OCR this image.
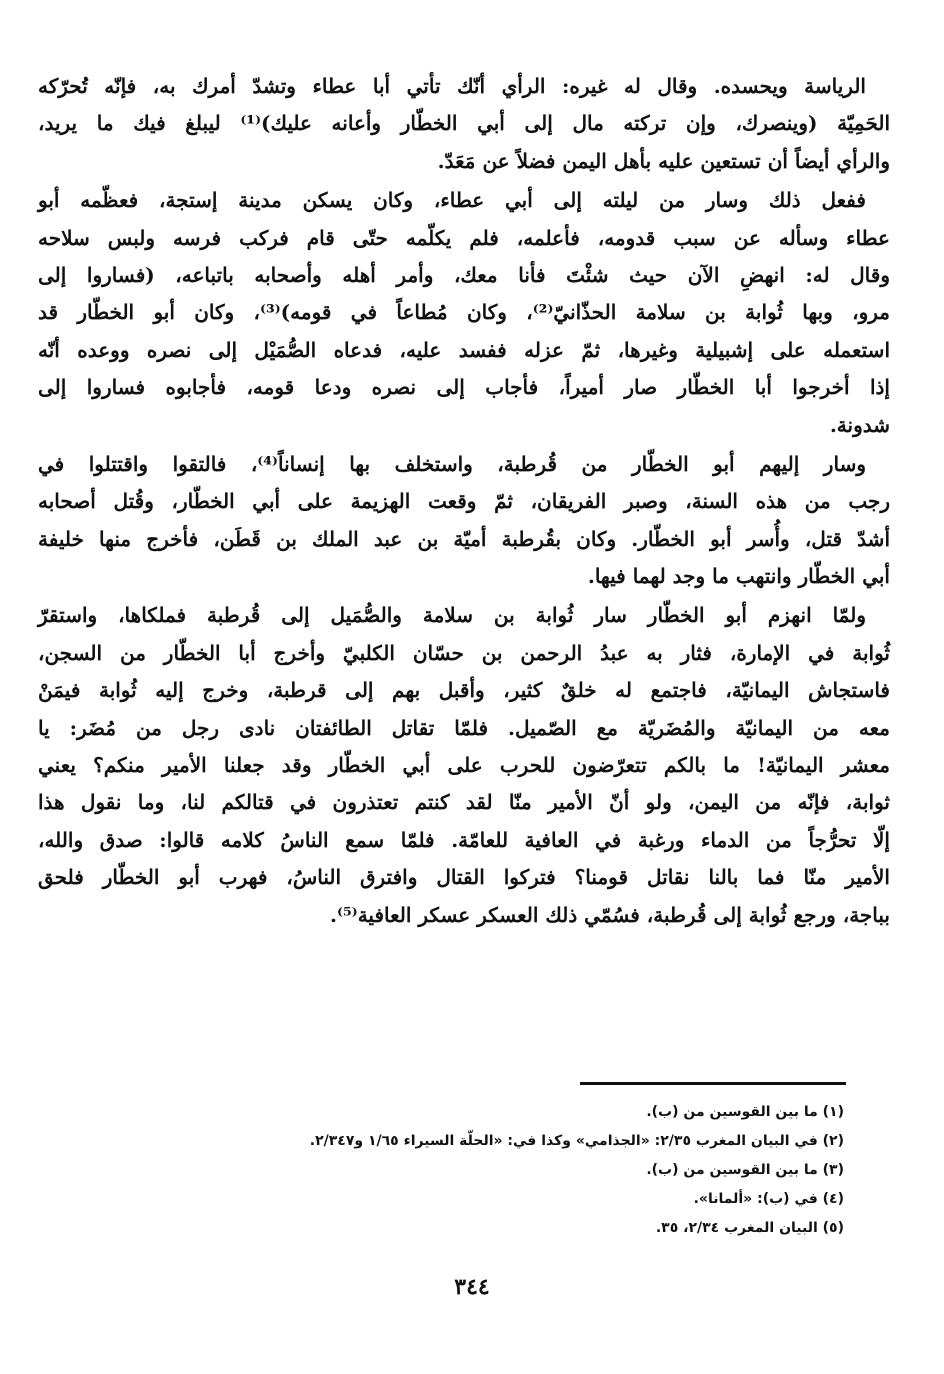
الرياسة ويحسده. وقال له غيره: الرأي أنّك تأتي أبا عطاء وتشدّ أمرك به، فإنّه تُحرّكه
الحَمِيّة (وينصرك، وإن تركته مال إلى أبي الخطّار وأعانه عليك)⁽¹⁾ ليبلغ فيك ما يريد،
والرأي أيضاً أن تستعين عليه بأهل اليمن فضلاً عن مَعَدّ.
ففعل ذلك وسار من ليلته إلى أبي عطاء، وكان يسكن مدينة إستجة، فعظّمه أبو
عطاء وسأله عن سبب قدومه، فأعلمه، فلم يكلّمه حتّى قام فركب فرسه ولبس سلاحه
وقال له: انهضِ الآن حيث شئْتَ فأنا معك، وأمر أهله وأصحابه باتباعه، (فساروا إلى
مرو، وبها ثُوابة بن سلامة الحذّانيّ⁽²⁾، وكان مُطاعاً في قومه)⁽³⁾، وكان أبو الخطّار قد
استعمله على إشبيلية وغيرها، ثمّ عزله ففسد عليه، فدعاه الصُّمَيْل إلى نصره ووعده أنّه
إذا أخرجوا أبا الخطّار صار أميراً، فأجاب إلى نصره ودعا قومه، فأجابوه فساروا إلى
شدونة.
وسار إليهم أبو الخطّار من قُرطبة، واستخلف بها إنساناً⁽⁴⁾، فالتقوا واقتتلوا في
رجب من هذه السنة، وصبر الفريقان، ثمّ وقعت الهزيمة على أبي الخطّار، وقُتل أصحابه
أشدّ قتل، وأُسر أبو الخطّار. وكان بقُرطبة أميّة بن عبد الملك بن قَطَن، فأخرج منها خليفة
أبي الخطّار وانتهب ما وجد لهما فيها.
ولمّا انهزم أبو الخطّار سار ثُوابة بن سلامة والصُّمَيل إلى قُرطبة فملكاها، واستقرّ
ثُوابة في الإمارة، فثار به عبدُ الرحمن بن حسّان الكلبيّ وأخرج أبا الخطّار من السجن،
فاستجاش اليمانيّة، فاجتمع له خلقٌ كثير، وأقبل بهم إلى قرطبة، وخرج إليه ثُوابة فيمَنْ
معه من اليمانيّة والمُضَريّة مع الصّميل. فلمّا تقاتل الطائفتان نادى رجل من مُضَر: يا
معشر اليمانيّة! ما بالكم تتعرّضون للحرب على أبي الخطّار وقد جعلنا الأمير منكم؟ يعني
ثوابة، فإنّه من اليمن، ولو أنّ الأمير منّا لقد كنتم تعتذرون في قتالكم لنا، وما نقول هذا
إلّا تحرُّجاً من الدماء ورغبة في العافية للعامّة. فلمّا سمع الناسُ كلامه قالوا: صدق والله،
الأمير منّا فما بالنا نقاتل قومنا؟ فتركوا القتال وافترق الناسُ، فهرب أبو الخطّار فلحق
بباجة، ورجع ثُوابة إلى قُرطبة، فسُمّي ذلك العسكر عسكر العافية⁽⁵⁾.
(١) ما بين القوسين من (ب).
(٢) في البيان المغرب ٢/٣٥: «الجذامي» وكذا في: «الحلّة السيراء ١/٦٥ و٢/٣٤٧.
(٣) ما بين القوسين من (ب).
(٤) في (ب): «ألمانا».
(٥) البيان المغرب ٢/٣٤، ٣٥.
٣٤٤
